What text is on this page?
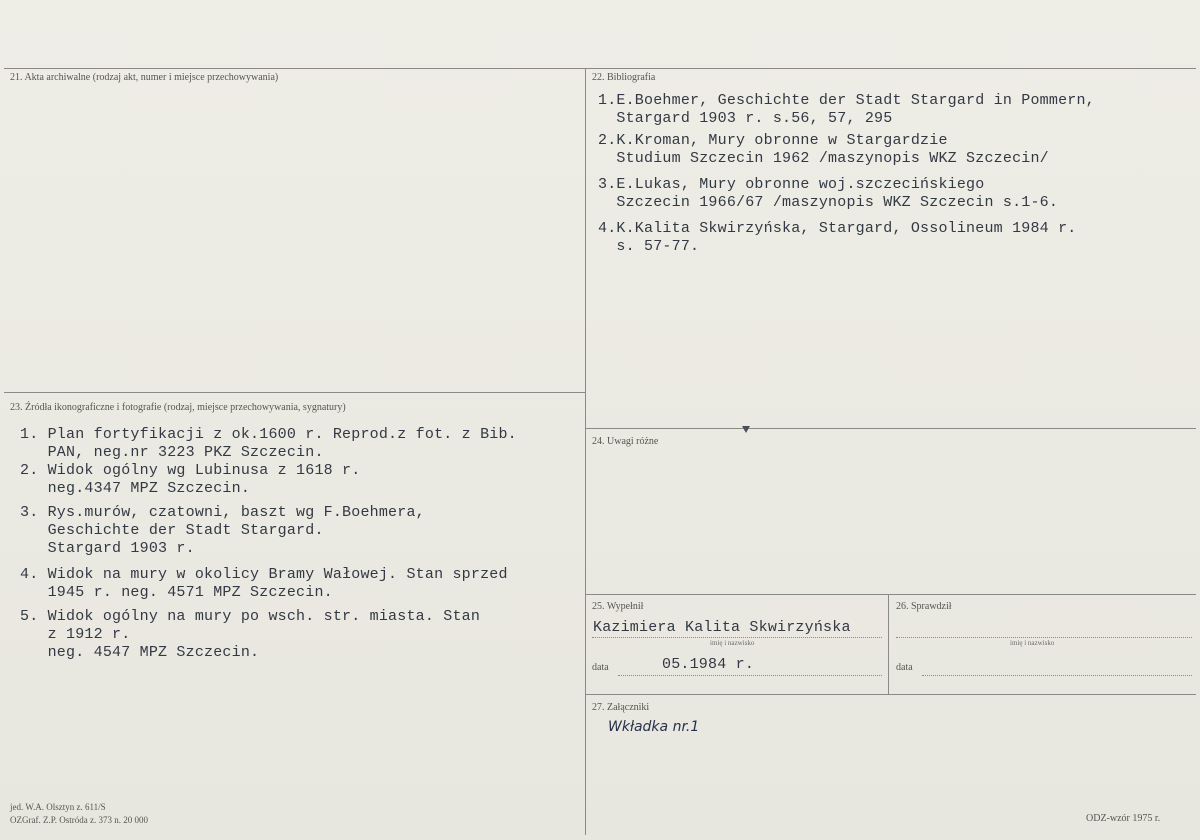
21. Akta archiwalne (rodzaj akt, numer i miejsce przechowywania)	22. Bibliografia
1.E.Boehmer, Geschichte der Stadt Stargard in Pommern,
Stargard 1903 r. s.56, 57, 295
2.K.Kroman, Mury obronne w Stargardzie
Studium Szczecin 1962 /maszynopis WKZ Szczecin/
3.E.Lukas, Mury obronne woj.szczecińskiego
Szczecin 1966/67 /maszynopis WKZ Szczecin s.1-6.
4.K.Kalita Skwirzyńska, Stargard, Ossolineum 1984 r.
s. 57-77.
23. Źródła ikonograficzne i fotografie (rodzaj, miejsce przechowywania, sygnatury)
1. Plan fortyfikacji z ok.1600 r. Reprod.z fot. z Bib.
PAN, neg.nr 3223 PKZ Szczecin.
2. Widok ogólny wg Lubinusa z 1618 r.
neg.4347 MPZ Szczecin.
3. Rys.murów, czatowni, baszt wg F.Boehmera,
Geschichte der Stadt Stargard.
Stargard 1903 r.
4. Widok na mury w okolicy Bramy Wałowej. Stan sprzed
1945 r. neg. 4571 MPZ Szczecin.
5. Widok ogólny na mury po wsch. str. miasta. Stan
z 1912 r.
neg. 4547 MPZ Szczecin.
24. Uwagi różne
25. Wypełnił
Kazimiera Kalita Skwirzyńska
imię i nazwisko
data	05.1984 r.
26. Sprawdził
imię i nazwisko
data
27. Załączniki
Wkładka nr.1
jed. W.A. Olsztyn z. 611/S
OZGraf. Z.P. Ostróda z. 373 n. 20 000	ODZ-wzór 1975 r.
